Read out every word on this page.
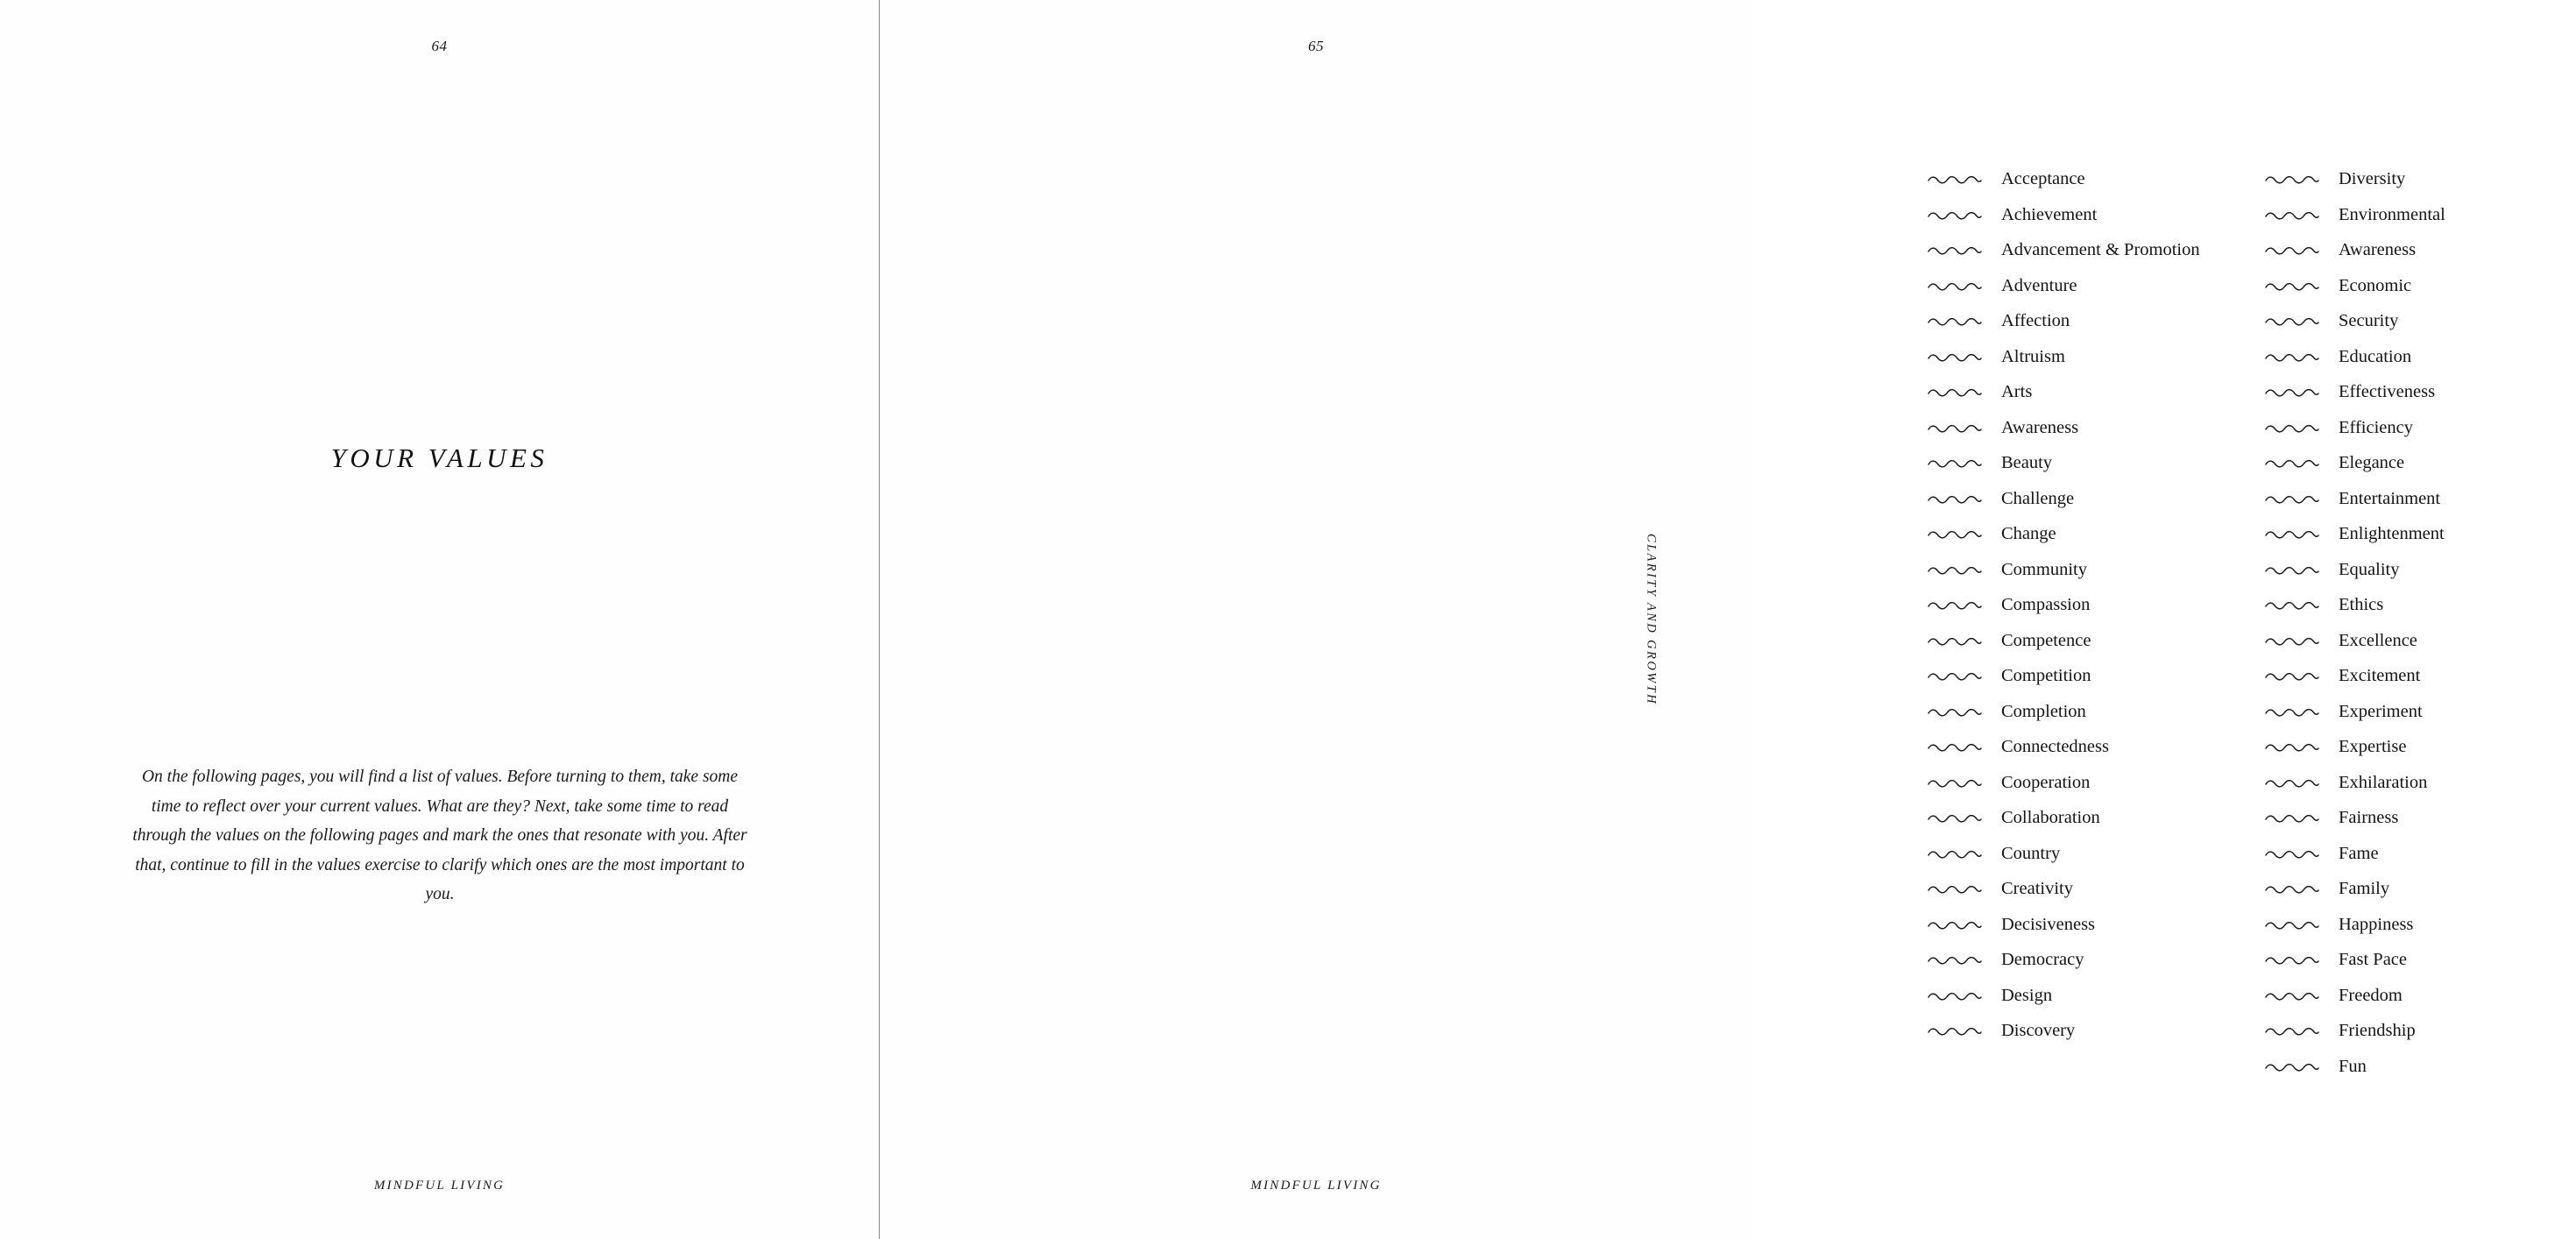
64
YOUR VALUES
On the following pages, you will find a list of values. Before turning to them, take some time to reflect over your current values. What are they? Next, take some time to read through the values on the following pages and mark the ones that resonate with you. After that, continue to fill in the values exercise to clarify which ones are the most important to you.
MINDFUL LIVING
65
Acceptance
Achievement
Advancement & Promotion
Adventure
Affection
Altruism
Arts
Awareness
Beauty
Challenge
Change
Community
Compassion
Competence
Competition
Completion
Connectedness
Cooperation
Collaboration
Country
Creativity
Decisiveness
Democracy
Design
Discovery
Diversity
Environmental
Awareness
Economic
Security
Education
Effectiveness
Efficiency
Elegance
Entertainment
Enlightenment
Equality
Ethics
Excellence
Excitement
Experiment
Expertise
Exhilaration
Fairness
Fame
Family
Happiness
Fast Pace
Freedom
Friendship
Fun
CLARITY AND GROWTH
MINDFUL LIVING
